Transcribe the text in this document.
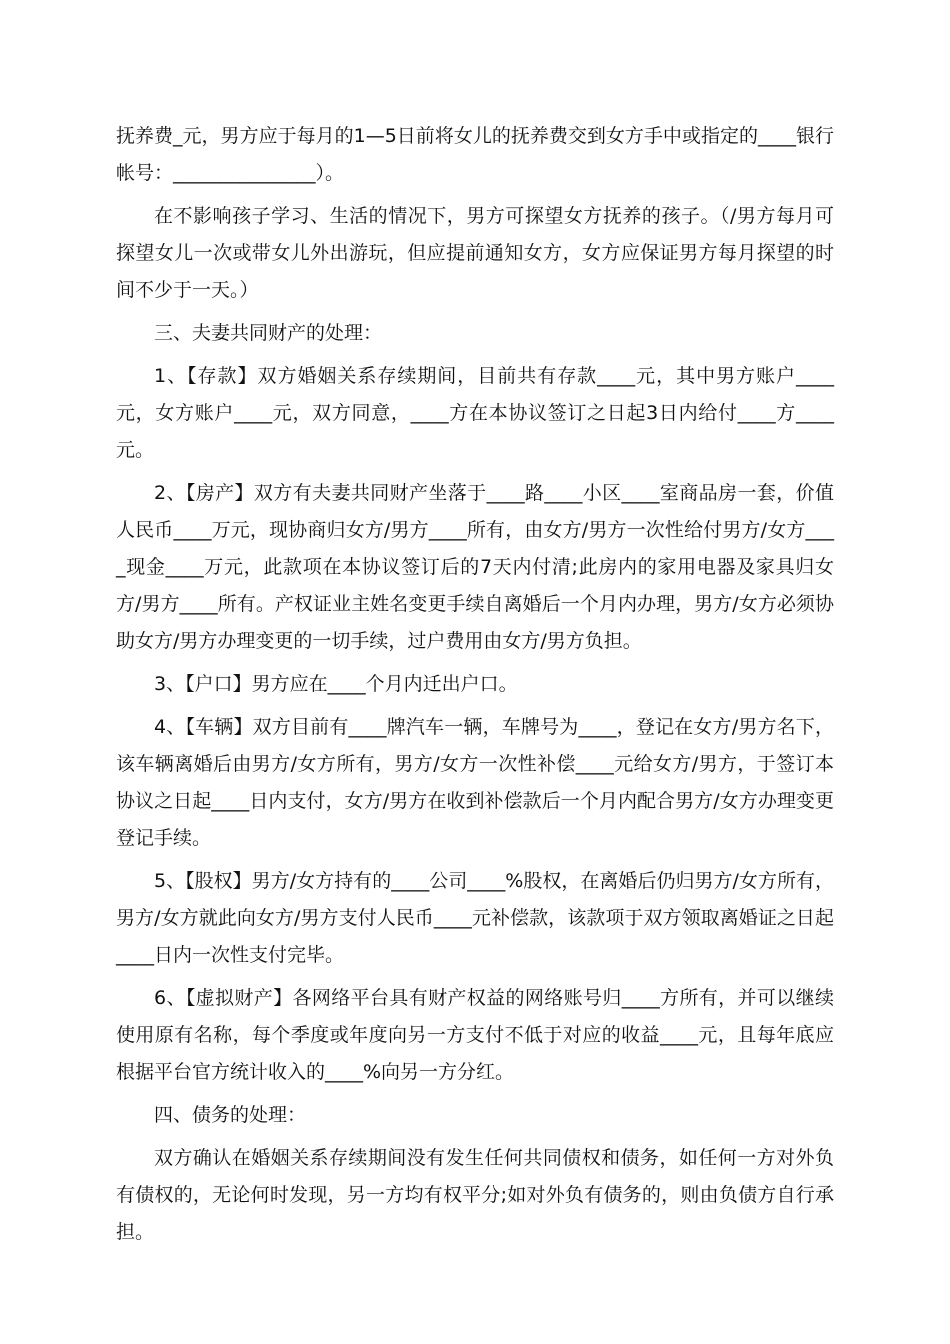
抚养费_元，男方应于每月的1—5日前将女儿的抚养费交到女方手中或指定的____银行帐号：_______________）。

在不影响孩子学习、生活的情况下，男方可探望女方抚养的孩子。（/男方每月可探望女儿一次或带女儿外出游玩，但应提前通知女方，女方应保证男方每月探望的时间不少于一天。）

三、夫妻共同财产的处理：

1、【存款】双方婚姻关系存续期间，目前共有存款____元，其中男方账户____元，女方账户____元，双方同意，____方在本协议签订之日起3日内给付____方____元。

2、【房产】双方有夫妻共同财产坐落于____路____小区____室商品房一套，价值人民币____万元，现协商归女方/男方____所有，由女方/男方一次性给付男方/女方____现金____万元，此款项在本协议签订后的7天内付清;此房内的家用电器及家具归女方/男方____所有。产权证业主姓名变更手续自离婚后一个月内办理，男方/女方必须协助女方/男方办理变更的一切手续，过户费用由女方/男方负担。

3、【户口】男方应在____个月内迁出户口。

4、【车辆】双方目前有____牌汽车一辆，车牌号为____，登记在女方/男方名下，该车辆离婚后由男方/女方所有，男方/女方一次性补偿____元给女方/男方，于签订本协议之日起____日内支付，女方/男方在收到补偿款后一个月内配合男方/女方办理变更登记手续。

5、【股权】男方/女方持有的____公司____%股权，在离婚后仍归男方/女方所有，男方/女方就此向女方/男方支付人民币____元补偿款，该款项于双方领取离婚证之日起____日内一次性支付完毕。

6、【虚拟财产】各网络平台具有财产权益的网络账号归____方所有，并可以继续使用原有名称，每个季度或年度向另一方支付不低于对应的收益____元，且每年底应根据平台官方统计收入的____%向另一方分红。

四、债务的处理：

双方确认在婚姻关系存续期间没有发生任何共同债权和债务，如任何一方对外负有债权的，无论何时发现，另一方均有权平分;如对外负有债务的，则由负债方自行承担。
